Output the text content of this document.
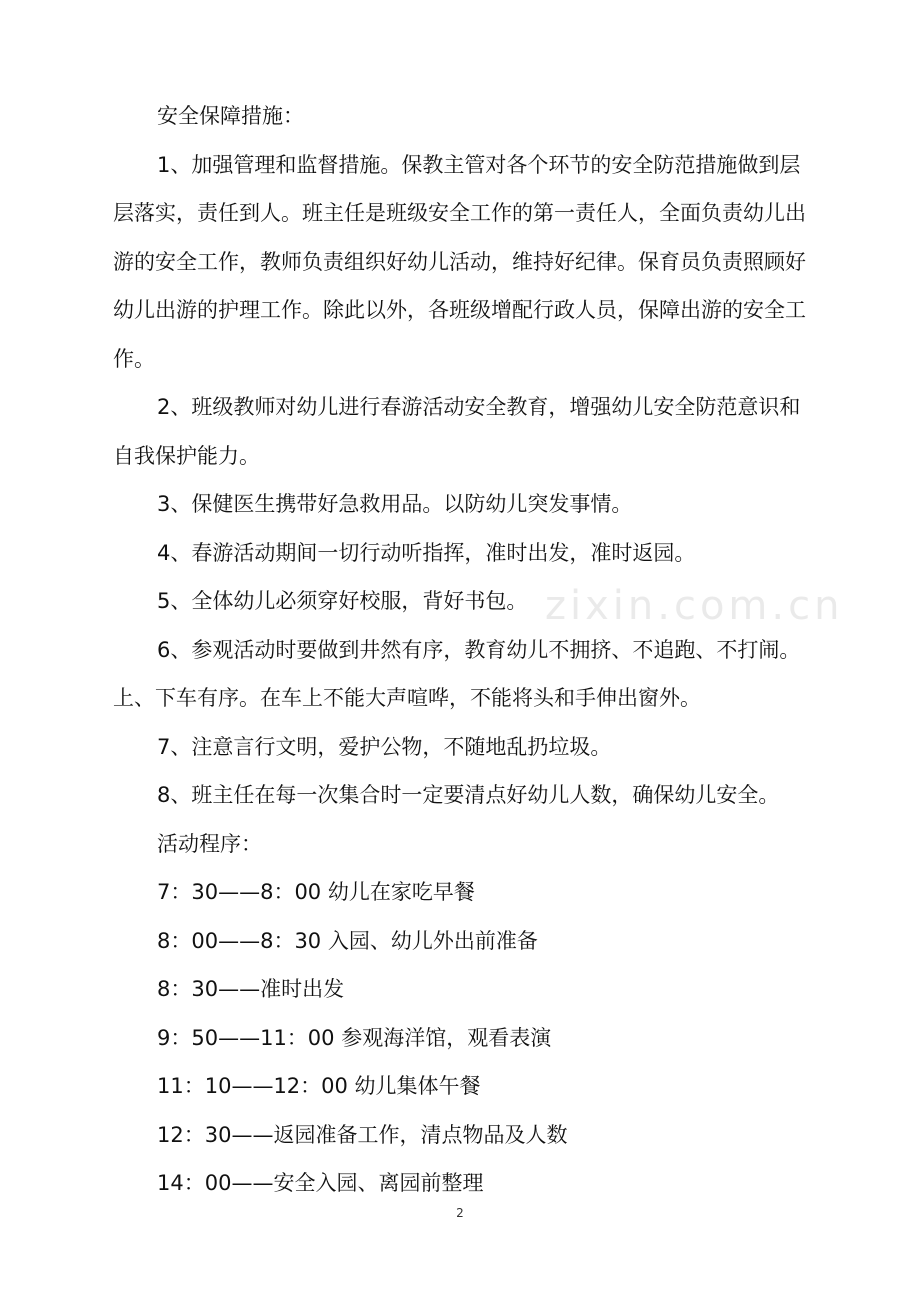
zixin.com.cn

安全保障措施：

1、加强管理和监督措施。保教主管对各个环节的安全防范措施做到层层落实，责任到人。班主任是班级安全工作的第一责任人，全面负责幼儿出游的安全工作，教师负责组织好幼儿活动，维持好纪律。保育员负责照顾好幼儿出游的护理工作。除此以外，各班级增配行政人员，保障出游的安全工作。

2、班级教师对幼儿进行春游活动安全教育，增强幼儿安全防范意识和自我保护能力。

3、保健医生携带好急救用品。以防幼儿突发事情。

4、春游活动期间一切行动听指挥，准时出发，准时返园。

5、全体幼儿必须穿好校服，背好书包。

6、参观活动时要做到井然有序，教育幼儿不拥挤、不追跑、不打闹。上、下车有序。在车上不能大声喧哗，不能将头和手伸出窗外。

7、注意言行文明，爱护公物，不随地乱扔垃圾。

8、班主任在每一次集合时一定要清点好幼儿人数，确保幼儿安全。

活动程序：

7：30——8：00 幼儿在家吃早餐

8：00——8：30 入园、幼儿外出前准备

8：30——准时出发

9：50——11：00 参观海洋馆，观看表演

11：10——12：00 幼儿集体午餐

12：30——返园准备工作，清点物品及人数

14：00——安全入园、离园前整理

2
